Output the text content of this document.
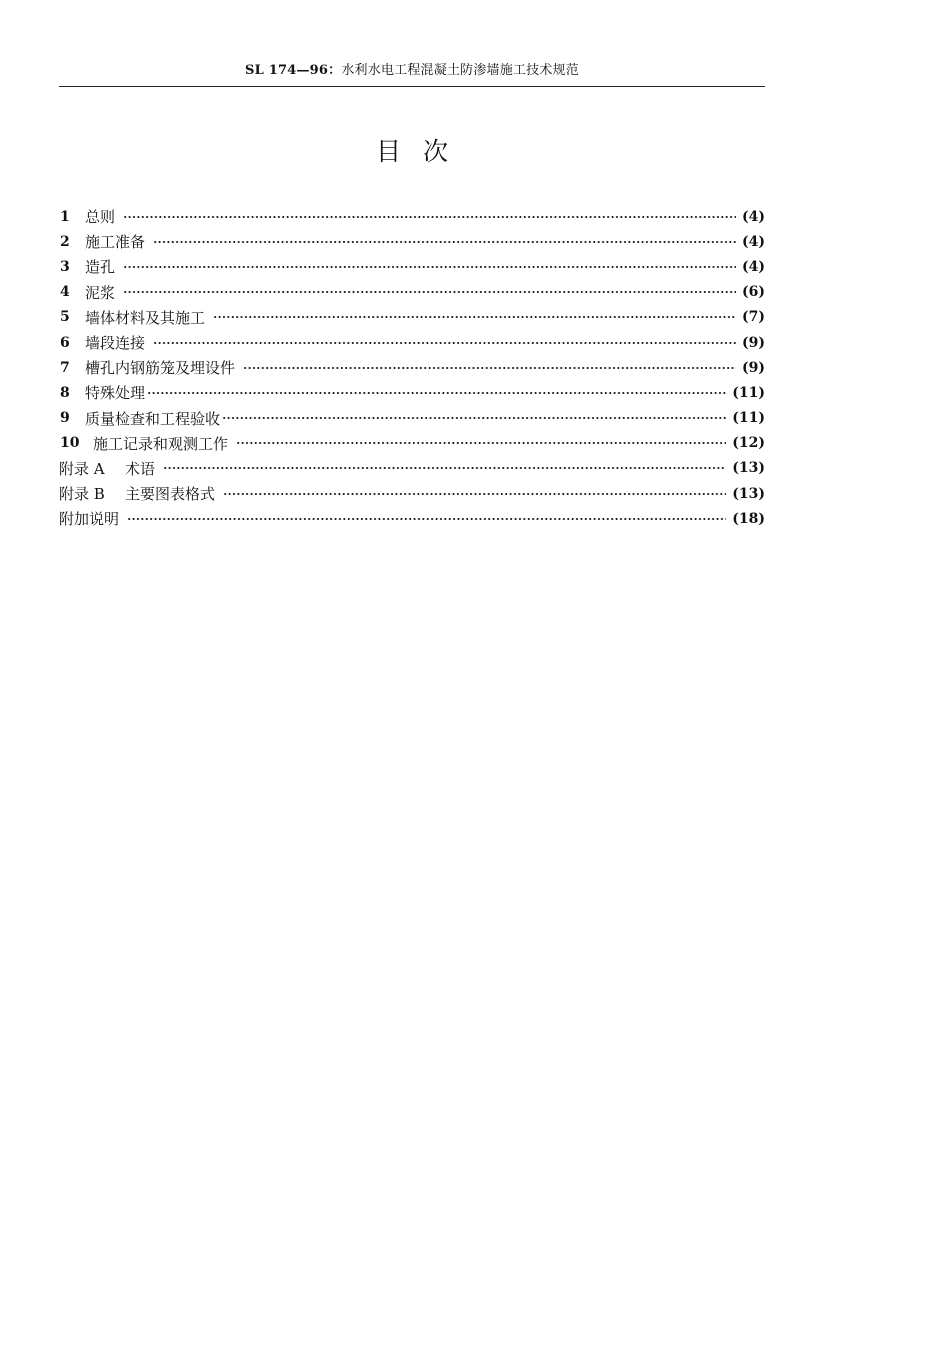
SL 174—96：水利水电工程混凝土防渗墙施工技术规范
目次
1	总则	(4)
2	施工准备	(4)
3	造孔	(4)
4	泥浆	(6)
5	墙体材料及其施工	(7)
6	墙段连接	(9)
7	槽孔内钢筋笼及埋设件	(9)
8	特殊处理	(11)
9	质量检查和工程验收	(11)
10 施工记录和观测工作	(12)
附录 A	术语	(13)
附录 B	主要图表格式	(13)
附加说明	(18)
